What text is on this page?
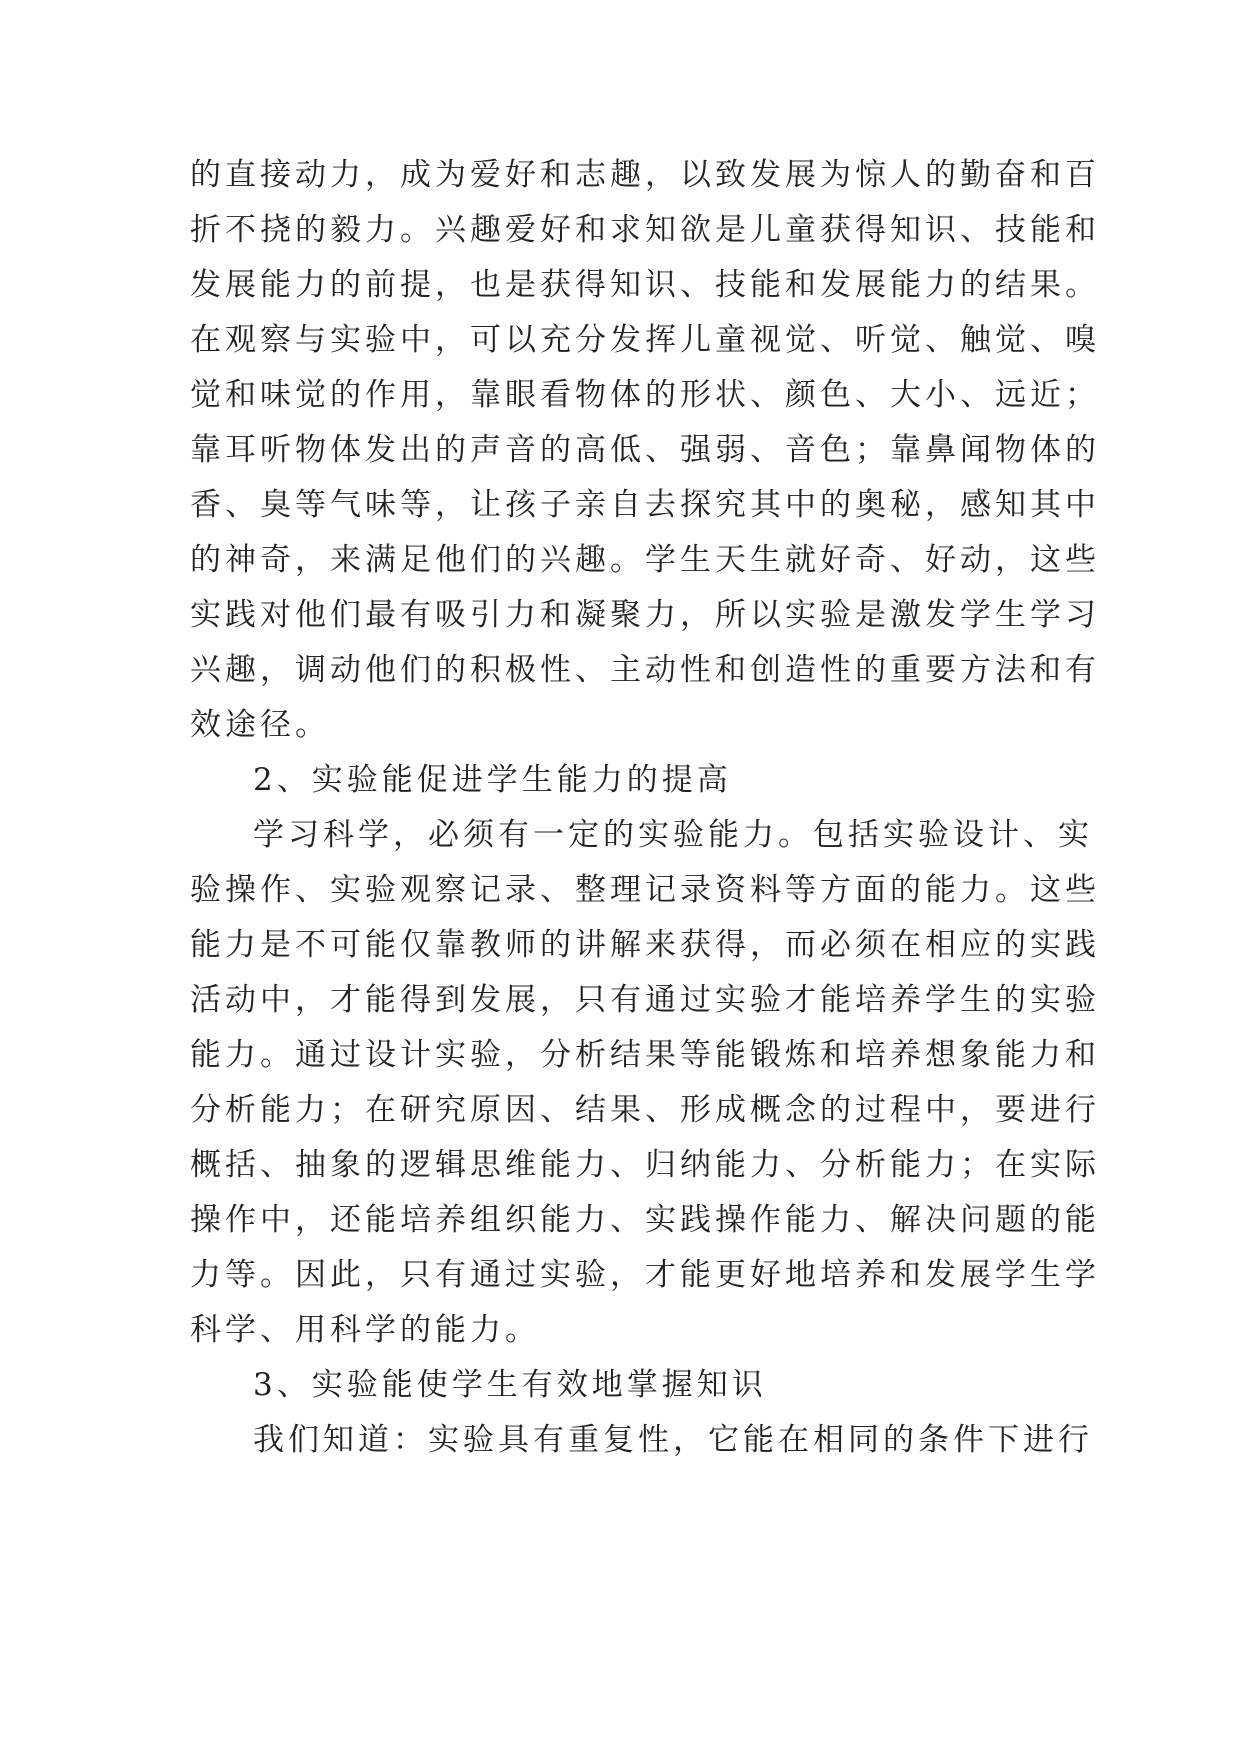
的直接动力，成为爱好和志趣，以致发展为惊人的勤奋和百
折不挠的毅力。兴趣爱好和求知欲是儿童获得知识、技能和
发展能力的前提，也是获得知识、技能和发展能力的结果。
在观察与实验中，可以充分发挥儿童视觉、听觉、触觉、嗅
觉和味觉的作用，靠眼看物体的形状、颜色、大小、远近；
靠耳听物体发出的声音的高低、强弱、音色；靠鼻闻物体的
香、臭等气味等，让孩子亲自去探究其中的奥秘，感知其中
的神奇，来满足他们的兴趣。学生天生就好奇、好动，这些
实践对他们最有吸引力和凝聚力，所以实验是激发学生学习
兴趣，调动他们的积极性、主动性和创造性的重要方法和有
效途径。
2、实验能促进学生能力的提高
学习科学，必须有一定的实验能力。包括实验设计、实
验操作、实验观察记录、整理记录资料等方面的能力。这些
能力是不可能仅靠教师的讲解来获得，而必须在相应的实践
活动中，才能得到发展，只有通过实验才能培养学生的实验
能力。通过设计实验，分析结果等能锻炼和培养想象能力和
分析能力；在研究原因、结果、形成概念的过程中，要进行
概括、抽象的逻辑思维能力、归纳能力、分析能力；在实际
操作中，还能培养组织能力、实践操作能力、解决问题的能
力等。因此，只有通过实验，才能更好地培养和发展学生学
科学、用科学的能力。
3、实验能使学生有效地掌握知识
我们知道：实验具有重复性，它能在相同的条件下进行
